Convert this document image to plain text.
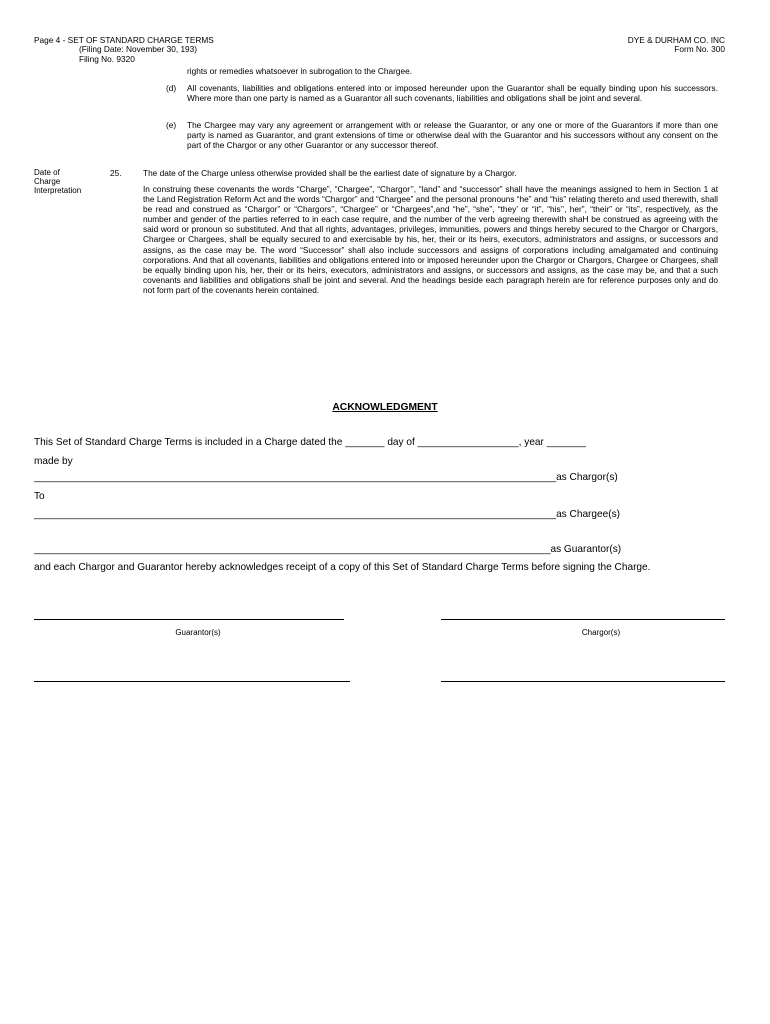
Page 4 - SET OF STANDARD CHARGE TERMS
(Filing Date: November 30, 193)
Filing No. 9320
DYE & DURHAM CO. INC
Form No. 300
rights or remedies whatsoever in subrogation to the Chargee.
(d) All covenants, liabilities and obligations entered into or imposed hereunder upon the Guarantor shall be equally binding upon his successors. Where more than one party is named as a Guarantor all such covenants, liabilities and obligations shall be joint and several.
(e) The Chargee may vary any agreement or arrangement with or release the Guarantor, or any one or more of the Guarantors if more than one party is named as Guarantor, and grant extensions of time or otherwise deal with the Guarantor and his successors without any consent on the part of the Chargor or any other Guarantor or any successor thereof.
Date of
Charge
Interpretation
25.	The date of the Charge unless otherwise provided shall be the earliest date of signature by a Chargor.
In construing these covenants the words “Charge”, “Chargee”, “Chargor’’, “land” and “successor” shall have the meanings assigned to hem in Section 1 at the Land Registration Reform Act and the words “Chargor” and “Chargee” and the personal pronouns “he” and “his” relating thereto and used therewith, shall be read and construed as “Chargor” or “Chargors’’, “Chargee” or “Chargees”,and “he”, “she”, “they’ or “it”, “his’’, her”, “their” or “its”, respectively, as the number and gender of the parties referred to in each case require, and the number of the verb agreeing therewith shaH be construed as agreeing with the said word or pronoun so substituted. And that all rights, advantages, privileges, immunities, powers and things hereby secured to the Chargor or Chargors, Chargee or Chargees, shall be equally secured to and exercisable by his, her, their or its heirs, executors, administrators and assigns, or successors and assigns, as the case may be. The word “Successor” shall also include successors and assigns of corporations including amalgamated and continuing corporations. And that all covenants, liabilities and obligations entered into or imposed hereunder upon the Chargor or Chargors, Chargee or Chargees, shall be equally binding upon his, her, their or its heirs, executors, administrators and assigns, or successors and assigns, as the case may be, and that a such covenants and liabilities and obligations shall be joint and several. And the headings beside each paragraph herein are for reference purposes only and do not form part of the covenants herein contained.
ACKNOWLEDGMENT
This Set of Standard Charge Terms is included in a Charge dated the _______ day of __________________, year _______
made by
_____________________________________________________________________________________________as Chargor(s)
To
_____________________________________________________________________________________________as Chargee(s)
____________________________________________________________________________________________as Guarantor(s)
and each Chargor and Guarantor hereby acknowledges receipt of a copy of this Set of Standard Charge Terms before signing the Charge.
Guarantor(s)	Chargor(s)
